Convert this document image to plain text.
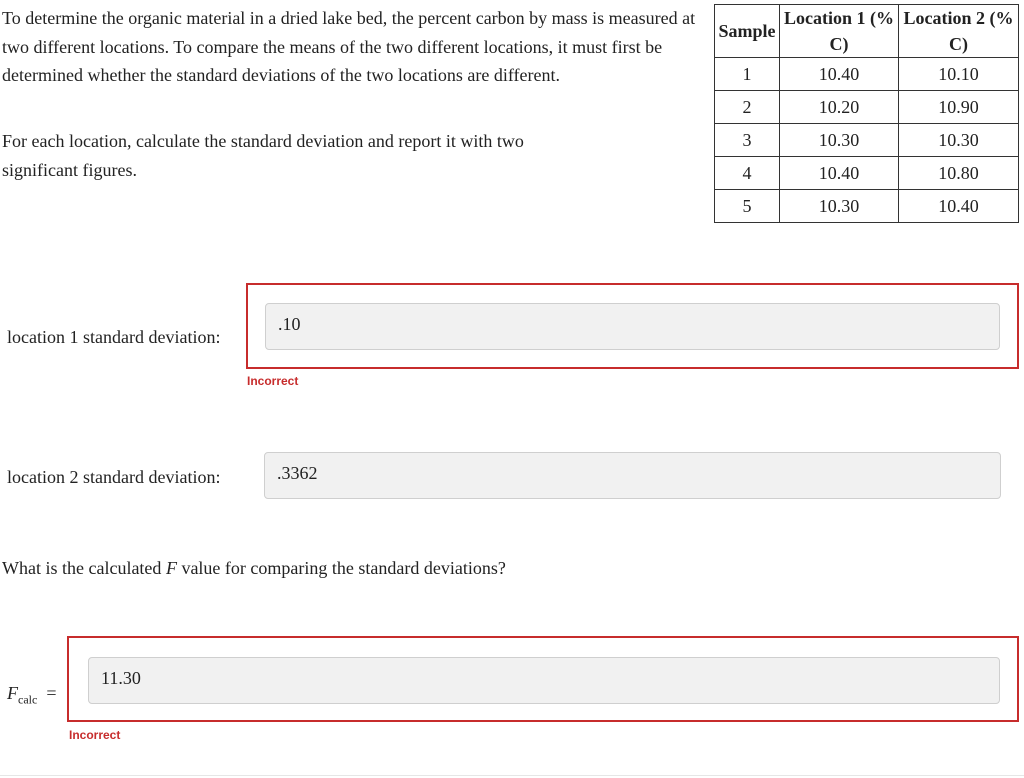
To determine the organic material in a dried lake bed, the percent carbon by mass is measured at two different locations. To compare the means of the two different locations, it must first be determined whether the standard deviations of the two locations are different.

For each location, calculate the standard deviation and report it with two significant figures.

Sample	Location 1 (% C)	Location 2 (% C)
1	10.40	10.10
2	10.20	10.90
3	10.30	10.30
4	10.40	10.80
5	10.30	10.40
location 1 standard deviation:
.10
Incorrect
location 2 standard deviation:	.3362

What is the calculated F value for comparing the standard deviations?

$F_{calc}$ =
11.30
Incorrect
